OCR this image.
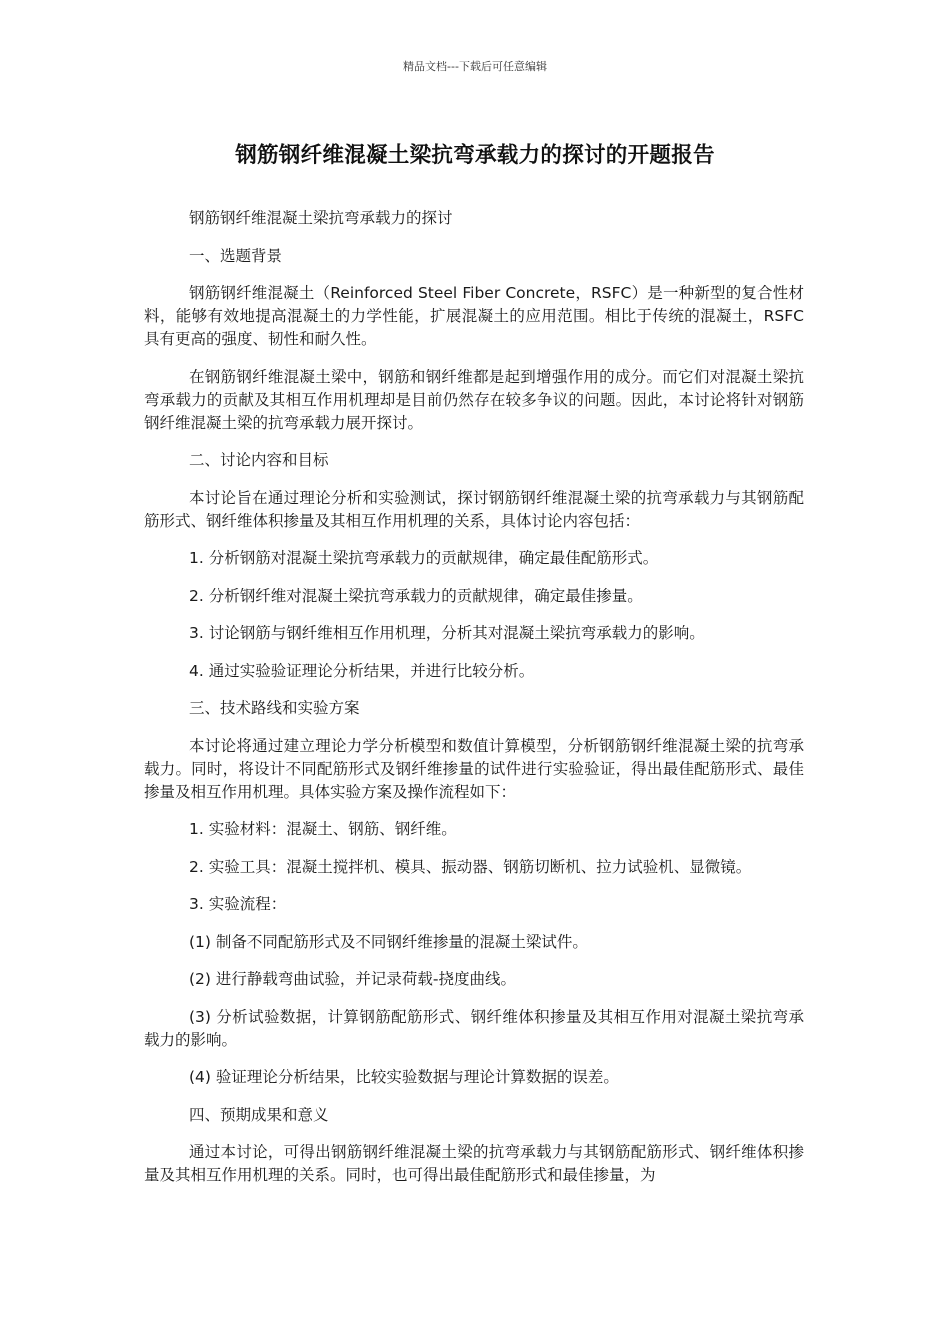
精品文档---下载后可任意编辑
钢筋钢纤维混凝土梁抗弯承载力的探讨的开题报告

钢筋钢纤维混凝土梁抗弯承载力的探讨

一、选题背景

钢筋钢纤维混凝土（Reinforced Steel Fiber Concrete，RSFC）是一种新型的复合性材料，能够有效地提高混凝土的力学性能，扩展混凝土的应用范围。相比于传统的混凝土，RSFC 具有更高的强度、韧性和耐久性。

在钢筋钢纤维混凝土梁中，钢筋和钢纤维都是起到增强作用的成分。而它们对混凝土梁抗弯承载力的贡献及其相互作用机理却是目前仍然存在较多争议的问题。因此，本讨论将针对钢筋钢纤维混凝土梁的抗弯承载力展开探讨。

二、讨论内容和目标

本讨论旨在通过理论分析和实验测试，探讨钢筋钢纤维混凝土梁的抗弯承载力与其钢筋配筋形式、钢纤维体积掺量及其相互作用机理的关系，具体讨论内容包括：

1. 分析钢筋对混凝土梁抗弯承载力的贡献规律，确定最佳配筋形式。

2. 分析钢纤维对混凝土梁抗弯承载力的贡献规律，确定最佳掺量。

3. 讨论钢筋与钢纤维相互作用机理，分析其对混凝土梁抗弯承载力的影响。

4. 通过实验验证理论分析结果，并进行比较分析。

三、技术路线和实验方案

本讨论将通过建立理论力学分析模型和数值计算模型，分析钢筋钢纤维混凝土梁的抗弯承载力。同时，将设计不同配筋形式及钢纤维掺量的试件进行实验验证，得出最佳配筋形式、最佳掺量及相互作用机理。具体实验方案及操作流程如下：

1. 实验材料：混凝土、钢筋、钢纤维。

2. 实验工具：混凝土搅拌机、模具、振动器、钢筋切断机、拉力试验机、显微镜。

3. 实验流程：

(1) 制备不同配筋形式及不同钢纤维掺量的混凝土梁试件。

(2) 进行静载弯曲试验，并记录荷载-挠度曲线。

(3) 分析试验数据，计算钢筋配筋形式、钢纤维体积掺量及其相互作用对混凝土梁抗弯承载力的影响。

(4) 验证理论分析结果，比较实验数据与理论计算数据的误差。

四、预期成果和意义

通过本讨论，可得出钢筋钢纤维混凝土梁的抗弯承载力与其钢筋配筋形式、钢纤维体积掺量及其相互作用机理的关系。同时，也可得出最佳配筋形式和最佳掺量，为
